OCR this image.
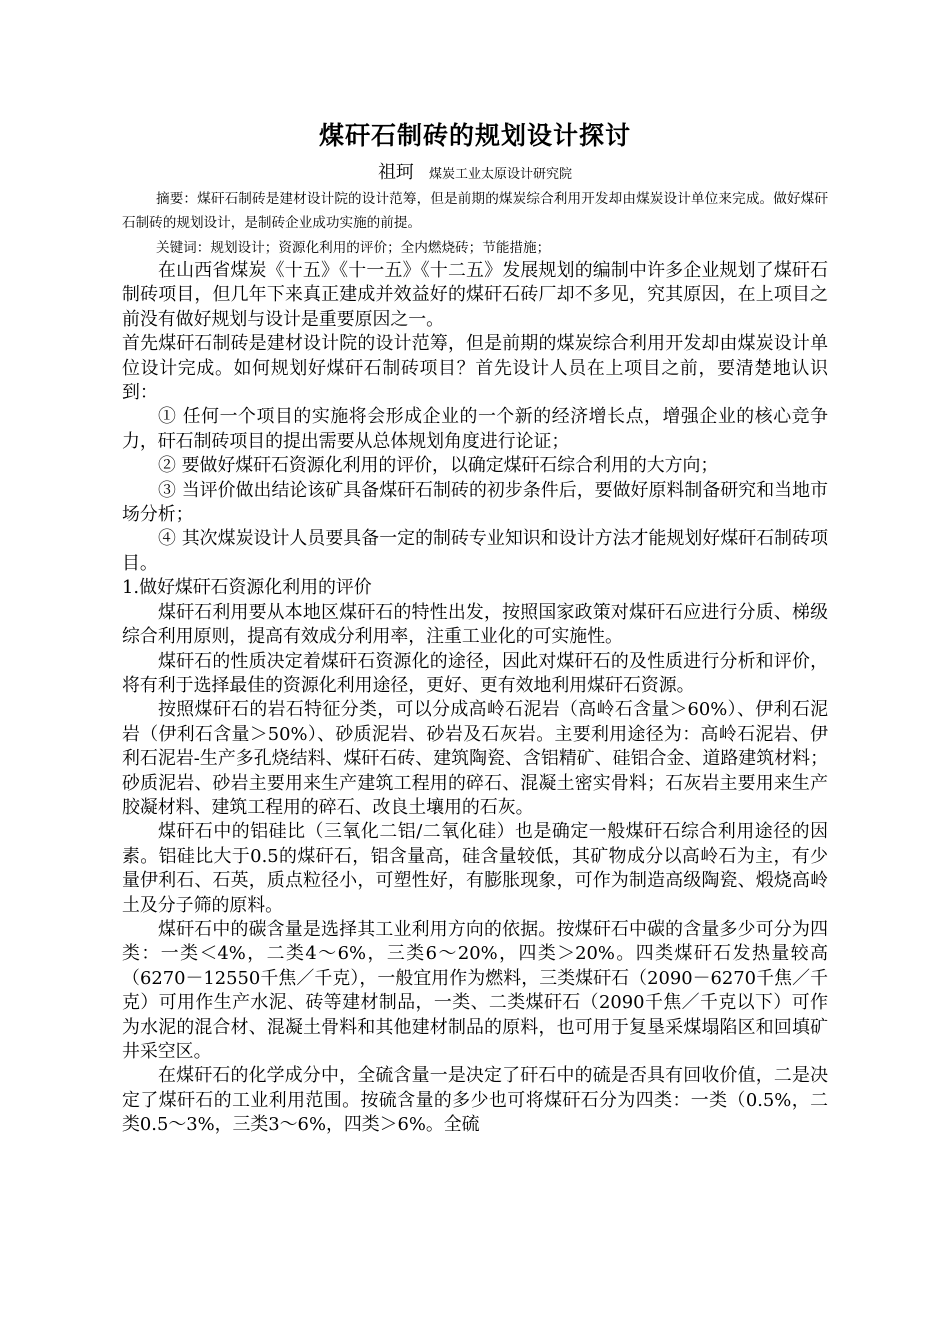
煤矸石制砖的规划设计探讨
祖珂 煤炭工业太原设计研究院

摘要：煤矸石制砖是建材设计院的设计范筹，但是前期的煤炭综合利用开发却由煤炭设计单位来完成。做好煤矸石制砖的规划设计，是制砖企业成功实施的前提。

关键词：规划设计；资源化利用的评价；全内燃烧砖；节能措施；

在山西省煤炭《十五》《十一五》《十二五》发展规划的编制中许多企业规划了煤矸石制砖项目，但几年下来真正建成并效益好的煤矸石砖厂却不多见，究其原因，在上项目之前没有做好规划与设计是重要原因之一。

首先煤矸石制砖是建材设计院的设计范筹，但是前期的煤炭综合利用开发却由煤炭设计单位设计完成。如何规划好煤矸石制砖项目？首先设计人员在上项目之前，要清楚地认识到：

① 任何一个项目的实施将会形成企业的一个新的经济增长点，增强企业的核心竞争力，矸石制砖项目的提出需要从总体规划角度进行论证；

② 要做好煤矸石资源化利用的评价，以确定煤矸石综合利用的大方向；

③ 当评价做出结论该矿具备煤矸石制砖的初步条件后，要做好原料制备研究和当地市场分析；

④ 其次煤炭设计人员要具备一定的制砖专业知识和设计方法才能规划好煤矸石制砖项目。

1.做好煤矸石资源化利用的评价

煤矸石利用要从本地区煤矸石的特性出发，按照国家政策对煤矸石应进行分质、梯级综合利用原则，提高有效成分利用率，注重工业化的可实施性。

煤矸石的性质决定着煤矸石资源化的途径，因此对煤矸石的及性质进行分析和评价，将有利于选择最佳的资源化利用途径，更好、更有效地利用煤矸石资源。

按照煤矸石的岩石特征分类，可以分成高岭石泥岩（高岭石含量＞60%）、伊利石泥岩（伊利石含量＞50%）、砂质泥岩、砂岩及石灰岩。主要利用途径为：高岭石泥岩、伊利石泥岩-生产多孔烧结料、煤矸石砖、建筑陶瓷、含铝精矿、硅铝合金、道路建筑材料；砂质泥岩、砂岩主要用来生产建筑工程用的碎石、混凝土密实骨料；石灰岩主要用来生产胶凝材料、建筑工程用的碎石、改良土壤用的石灰。

煤矸石中的铝硅比（三氧化二铝/二氧化硅）也是确定一般煤矸石综合利用途径的因素。铝硅比大于0.5的煤矸石，铝含量高，硅含量较低，其矿物成分以高岭石为主，有少量伊利石、石英，质点粒径小，可塑性好，有膨胀现象，可作为制造高级陶瓷、煅烧高岭土及分子筛的原料。

煤矸石中的碳含量是选择其工业利用方向的依据。按煤矸石中碳的含量多少可分为四类：一类＜4%，二类4～6%，三类6～20%，四类＞20%。四类煤矸石发热量较高（6270－12550千焦／千克），一般宜用作为燃料，三类煤矸石（2090－6270千焦／千克）可用作生产水泥、砖等建材制品，一类、二类煤矸石（2090千焦／千克以下）可作为水泥的混合材、混凝土骨料和其他建材制品的原料，也可用于复垦采煤塌陷区和回填矿井采空区。

在煤矸石的化学成分中，全硫含量一是决定了矸石中的硫是否具有回收价值，二是决定了煤矸石的工业利用范围。按硫含量的多少也可将煤矸石分为四类：一类（0.5%，二类0.5～3%，三类3～6%，四类＞6%。全硫
